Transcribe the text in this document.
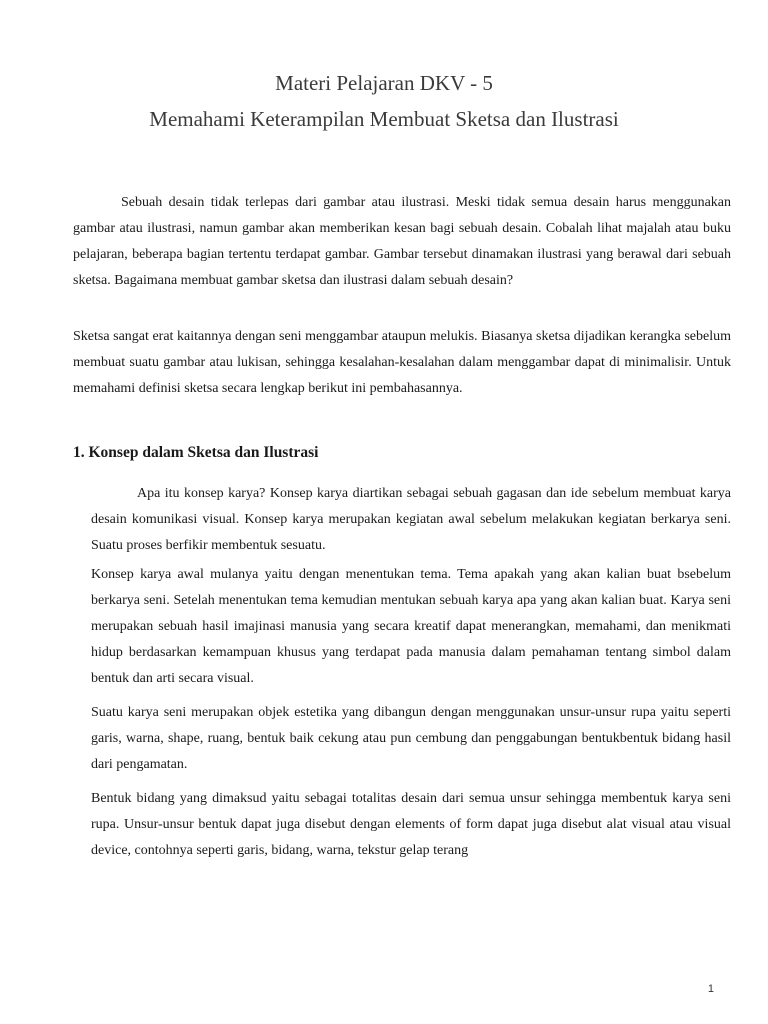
Materi Pelajaran DKV - 5
Memahami Keterampilan Membuat Sketsa dan Ilustrasi

Sebuah desain tidak terlepas dari gambar atau ilustrasi. Meski tidak semua desain harus menggunakan gambar atau ilustrasi, namun gambar akan memberikan kesan bagi sebuah desain. Cobalah lihat majalah atau buku pelajaran, beberapa bagian tertentu terdapat gambar. Gambar tersebut dinamakan ilustrasi yang berawal dari sebuah sketsa. Bagaimana membuat gambar sketsa dan ilustrasi dalam sebuah desain?

Sketsa sangat erat kaitannya dengan seni menggambar ataupun melukis. Biasanya sketsa dijadikan kerangka sebelum membuat suatu gambar atau lukisan, sehingga kesalahan-kesalahan dalam menggambar dapat di minimalisir. Untuk memahami definisi sketsa secara lengkap berikut ini pembahasannya.

1. Konsep dalam Sketsa dan Ilustrasi

Apa itu konsep karya? Konsep karya diartikan sebagai sebuah gagasan dan ide sebelum membuat karya desain komunikasi visual. Konsep karya merupakan kegiatan awal sebelum melakukan kegiatan berkarya seni. Suatu proses berfikir membentuk sesuatu.

Konsep karya awal mulanya yaitu dengan menentukan tema. Tema apakah yang akan kalian buat bsebelum berkarya seni. Setelah menentukan tema kemudian mentukan sebuah karya apa yang akan kalian buat. Karya seni merupakan sebuah hasil imajinasi manusia yang secara kreatif dapat menerangkan, memahami, dan menikmati hidup berdasarkan kemampuan khusus yang terdapat pada manusia dalam pemahaman tentang simbol dalam bentuk dan arti secara visual.

Suatu karya seni merupakan objek estetika yang dibangun dengan menggunakan unsur-unsur rupa yaitu seperti garis, warna, shape, ruang, bentuk baik cekung atau pun cembung dan penggabungan bentukbentuk bidang hasil dari pengamatan.

Bentuk bidang yang dimaksud yaitu sebagai totalitas desain dari semua unsur sehingga membentuk karya seni rupa. Unsur-unsur bentuk dapat juga disebut dengan elements of form dapat juga disebut alat visual atau visual device, contohnya seperti garis, bidang, warna, tekstur gelap terang

1
